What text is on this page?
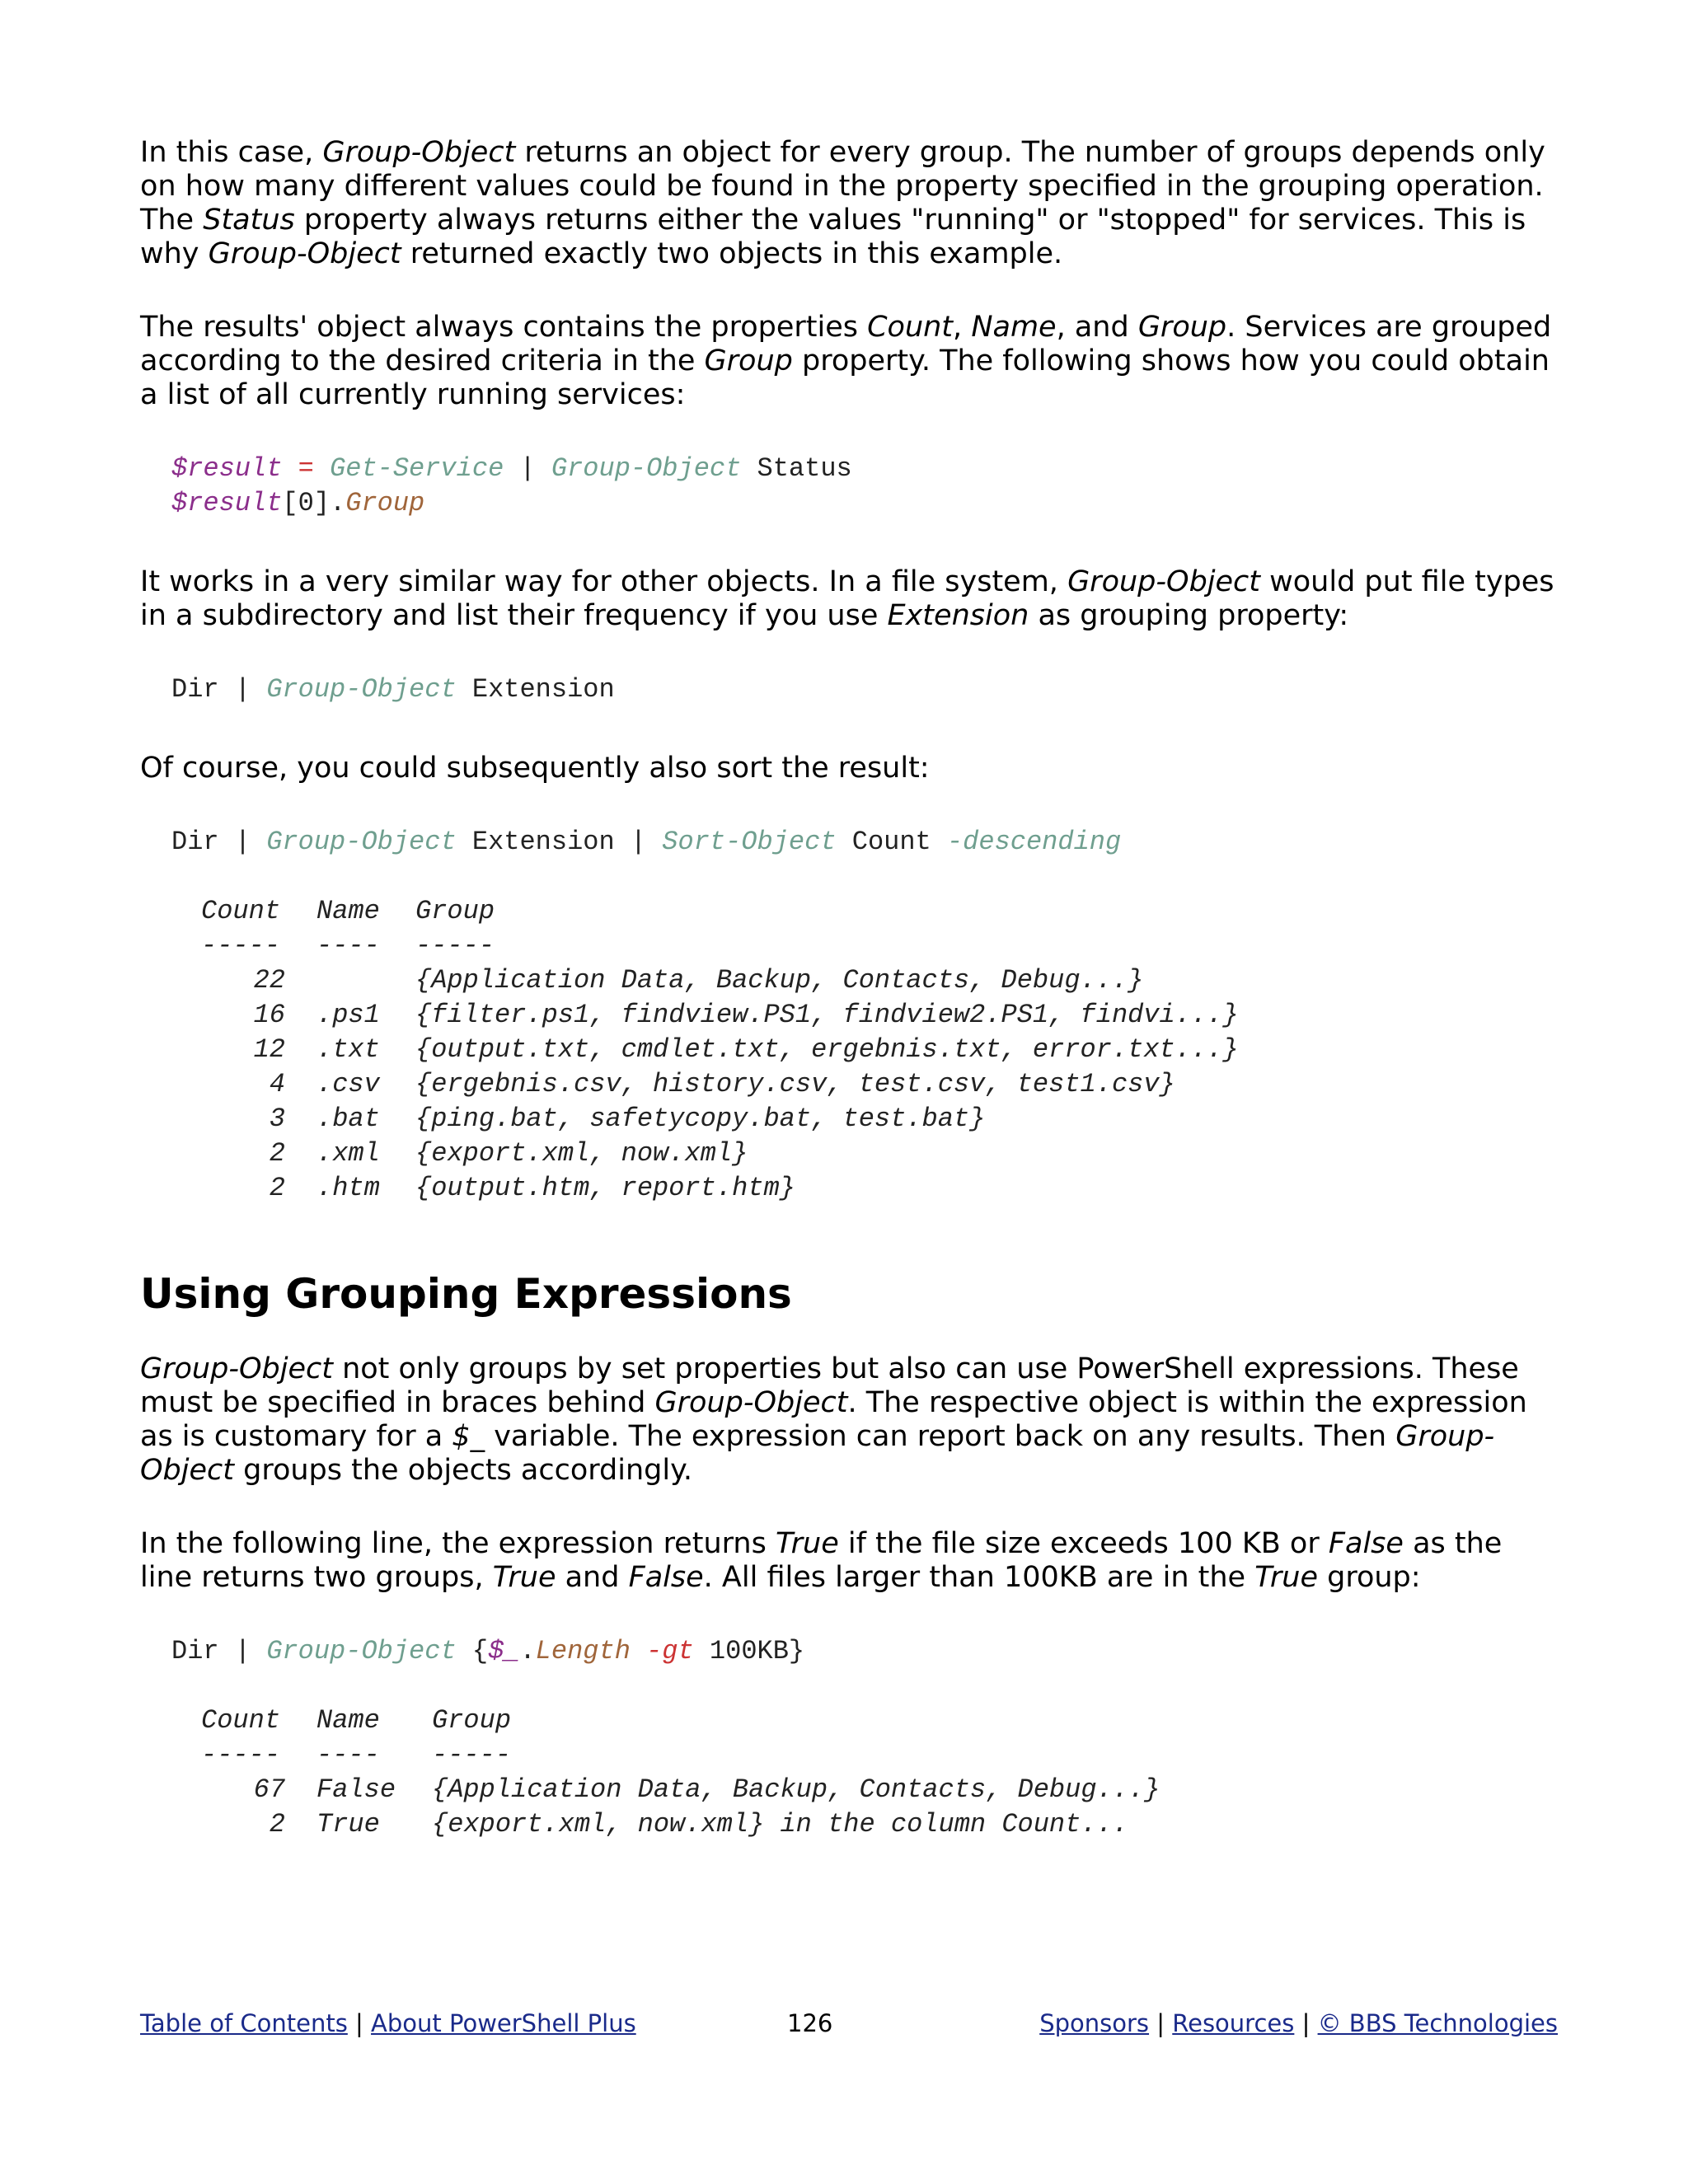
In this case, Group-Object returns an object for every group. The number of groups depends only on how many different values could be found in the property specified in the grouping operation. The Status property always returns either the values "running" or "stopped" for services. This is why Group-Object returned exactly two objects in this example.

The results' object always contains the properties Count, Name, and Group. Services are grouped according to the desired criteria in the Group property. The following shows how you could obtain a list of all currently running services:

$result = Get-Service | Group-Object Status
$result[0].Group

It works in a very similar way for other objects. In a file system, Group-Object would put file types in a subdirectory and list their frequency if you use Extension as grouping property:

Dir | Group-Object Extension

Of course, you could subsequently also sort the result:

Dir | Group-Object Extension | Sort-Object Count -descending
Count	Name	Group
-----	----	-----
22		{Application Data, Backup, Contacts, Debug...}
16	.ps1	{filter.ps1, findview.PS1, findview2.PS1, findvi...}
12	.txt	{output.txt, cmdlet.txt, ergebnis.txt, error.txt...}
4	.csv	{ergebnis.csv, history.csv, test.csv, test1.csv}
3	.bat	{ping.bat, safetycopy.bat, test.bat}
2	.xml	{export.xml, now.xml}
2	.htm	{output.htm, report.htm}
Using Grouping Expressions

Group-Object not only groups by set properties but also can use PowerShell expressions. These must be specified in braces behind Group-Object. The respective object is within the expression as is customary for a $_ variable. The expression can report back on any results. Then Group-Object groups the objects accordingly.

In the following line, the expression returns True if the file size exceeds 100 KB or False as the line returns two groups, True and False. All files larger than 100KB are in the True group:

Dir | Group-Object {$_.Length -gt 100KB}
Count	Name	Group
-----	----	-----
67	False	{Application Data, Backup, Contacts, Debug...}
2	True	{export.xml, now.xml} in the column Count...
Table of Contents | About PowerShell Plus	126	Sponsors | Resources | © BBS Technologies
